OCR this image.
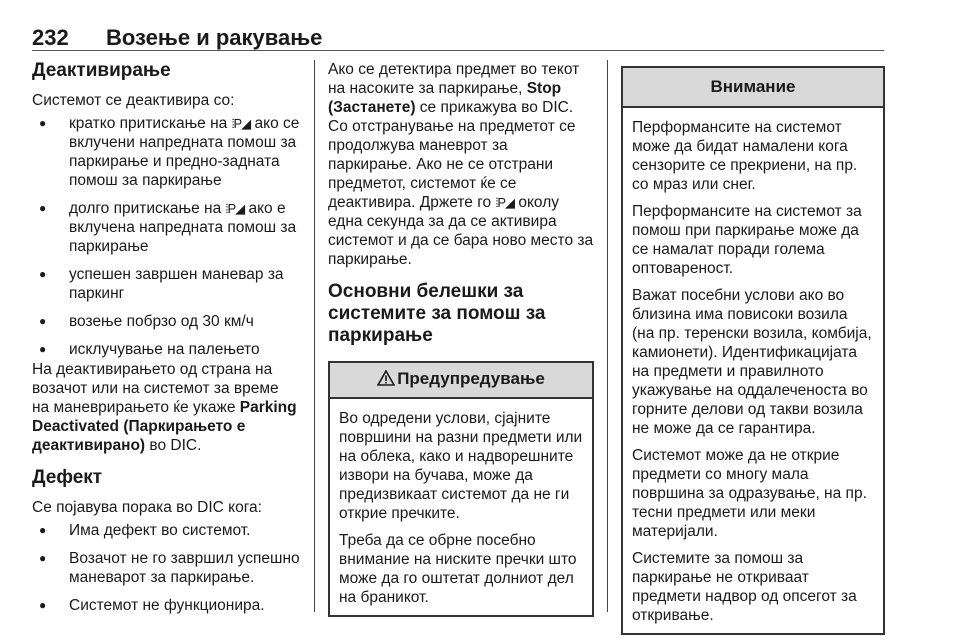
232 Возење и ракување
Деактивирање

Системот се деактивира со:

● кратко притискање на ⦙P◢ ако се вклучени напредната помош за паркирање и предно-задната помош за паркирање
● долго притискање на ⦙P◢ ако е вклучена напредната помош за паркирање
● успешен завршен маневар за паркинг
● возење побрзо од 30 км/ч
● исклучување на палењето

На деактивирањето од страна на возачот или на системот за време на маневрирањето ќе укаже Parking Deactivated (Паркирањето е деактивирано) во DIC.

Дефект

Се појавува порака во DIC кога:

● Има дефект во системот.
● Возачот не го завршил успешно маневарот за паркирање.
● Системот не функционира.

Ако се детектира предмет во текот на насоките за паркирање, Stop (Застанете) се прикажува во DIC. Со отстранување на предметот се продолжува маневрот за паркирање. Ако не се отстрани предметот, системот ќе се деактивира. Држете го ⦙P◢ околу една секунда за да се активира системот и да се бара ново место за паркирање.

Основни белешки за системите за помош за паркирање
Предупредување

Во одредени услови, сјајните површини на разни предмети или на облека, како и надворешните извори на бучава, може да предизвикаат системот да не ги открие пречките.

Треба да се обрне посебно внимание на ниските пречки што може да го оштетат долниот дел на браникот.

Внимание

Перформансите на системот може да бидат намалени кога сензорите се прекриени, на пр. со мраз или снег.

Перформансите на системот за помош при паркирање може да се намалат поради голема оптовареност.

Важат посебни услови ако во близина има повисоки возила (на пр. теренски возила, комбија, камионети). Идентификацијата на предмети и правилното укажување на оддалеченоста во горните делови од такви возила не може да се гарантира.

Системот може да не открие предмети со многу мала површина за одразување, на пр. тесни предмети или меки материјали.

Системите за помош за паркирање не откриваат предмети надвор од опсегот за откривање.
